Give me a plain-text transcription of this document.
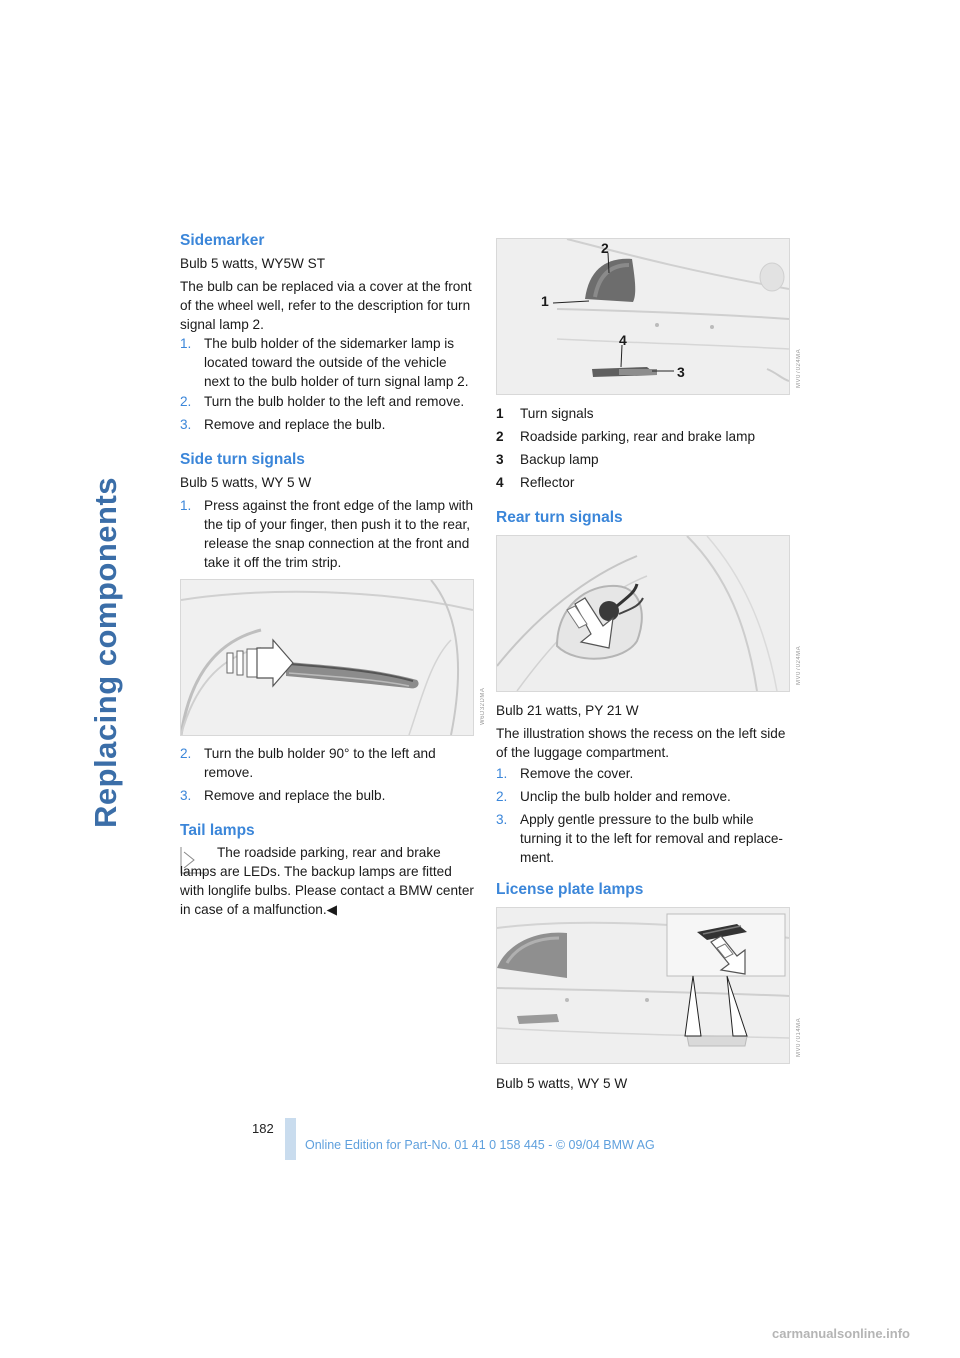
Replacing components
Sidemarker

Bulb 5 watts, WY5W ST

The bulb can be replaced via a cover at the front of the wheel well, refer to the description for turn signal lamp 2.

1. The bulb holder of the sidemarker lamp is located toward the outside of the vehicle next to the bulb holder of turn signal lamp 2.
2. Turn the bulb holder to the left and remove.
3. Remove and replace the bulb.
Side turn signals

Bulb 5 watts, WY 5 W

1. Press against the front edge of the lamp with the tip of your finger, then push it to the rear, release the snap connection at the front and take it off the trim strip.
W6D32DMA
2. Turn the bulb holder 90° to the left and remove.
3. Remove and replace the bulb.
Tail lamps

The roadside parking, rear and brake lamps are LEDs. The backup lamps are fitted with longlife bulbs. Please contact a BMW center in case of a malfunction.◀

1
2
3
4
MV07024MA
1 Turn signals
2 Roadside parking, rear and brake lamp
3 Backup lamp
4 Reflector
Rear turn signals
MV07024MA

Bulb 21 watts, PY 21 W

The illustration shows the recess on the left side of the luggage compartment.

1. Remove the cover.
2. Unclip the bulb holder and remove.
3. Apply gentle pressure to the bulb while turning it to the left for removal and replace-ment.
License plate lamps
MV07014MA

Bulb 5 watts, WY 5 W

182
Online Edition for Part-No. 01 41 0 158 445 - © 09/04 BMW AG
carmanualsonline.info
